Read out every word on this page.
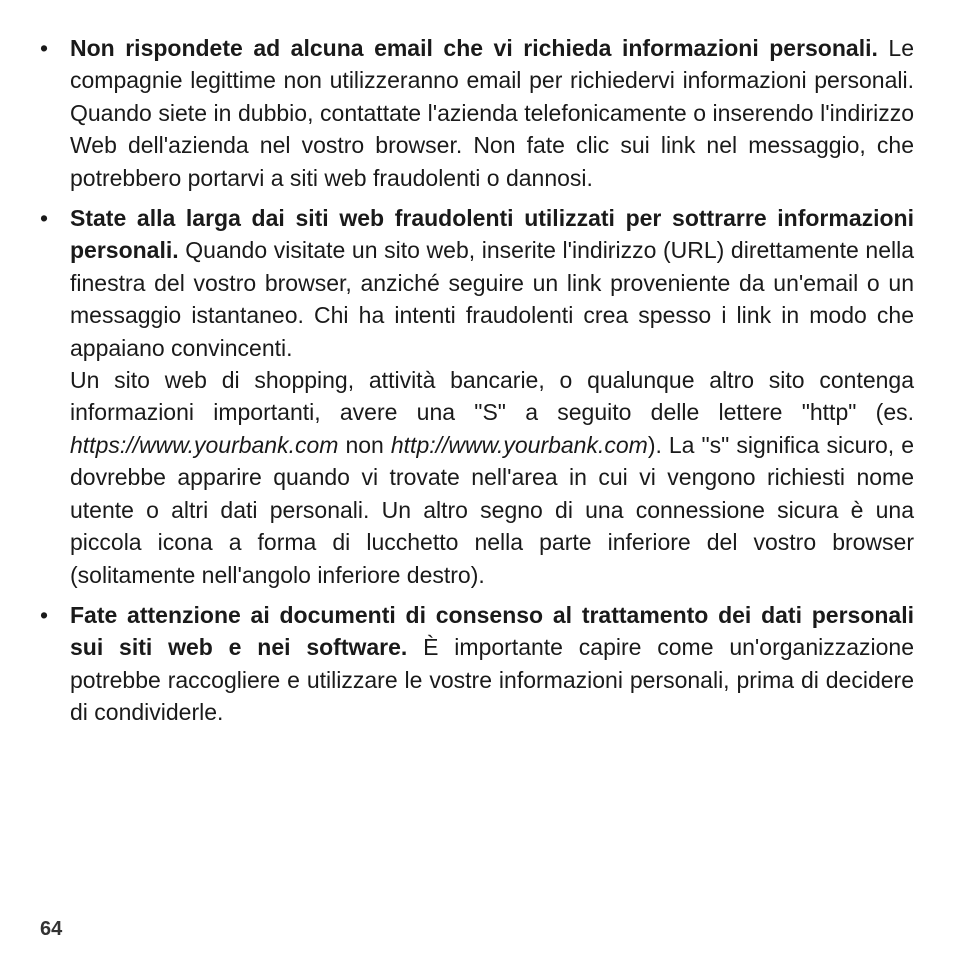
• Non rispondete ad alcuna email che vi richieda informazioni personali. Le compagnie legittime non utilizzeranno email per richiedervi informazioni personali. Quando siete in dubbio, contattate l'azienda telefonicamente o inserendo l'indirizzo Web dell'azienda nel vostro browser. Non fate clic sui link nel messaggio, che potrebbero portarvi a siti web fraudolenti o dannosi.

• State alla larga dai siti web fraudolenti utilizzati per sottrarre informazioni personali. Quando visitate un sito web, inserite l'indirizzo (URL) direttamente nella finestra del vostro browser, anziché seguire un link proveniente da un'email o un messaggio istantaneo. Chi ha intenti fraudolenti crea spesso i link in modo che appaiano convincenti.

Un sito web di shopping, attività bancarie, o qualunque altro sito contenga informazioni importanti, avere una "S" a seguito delle lettere "http" (es. https://www.yourbank.com non http://www.yourbank.com). La "s" significa sicuro, e dovrebbe apparire quando vi trovate nell'area in cui vi vengono richiesti nome utente o altri dati personali. Un altro segno di una connessione sicura è una piccola icona a forma di lucchetto nella parte inferiore del vostro browser (solitamente nell'angolo inferiore destro).

• Fate attenzione ai documenti di consenso al trattamento dei dati personali sui siti web e nei software. È importante capire come un'organizzazione potrebbe raccogliere e utilizzare le vostre informazioni personali, prima di decidere di condividerle.

64
